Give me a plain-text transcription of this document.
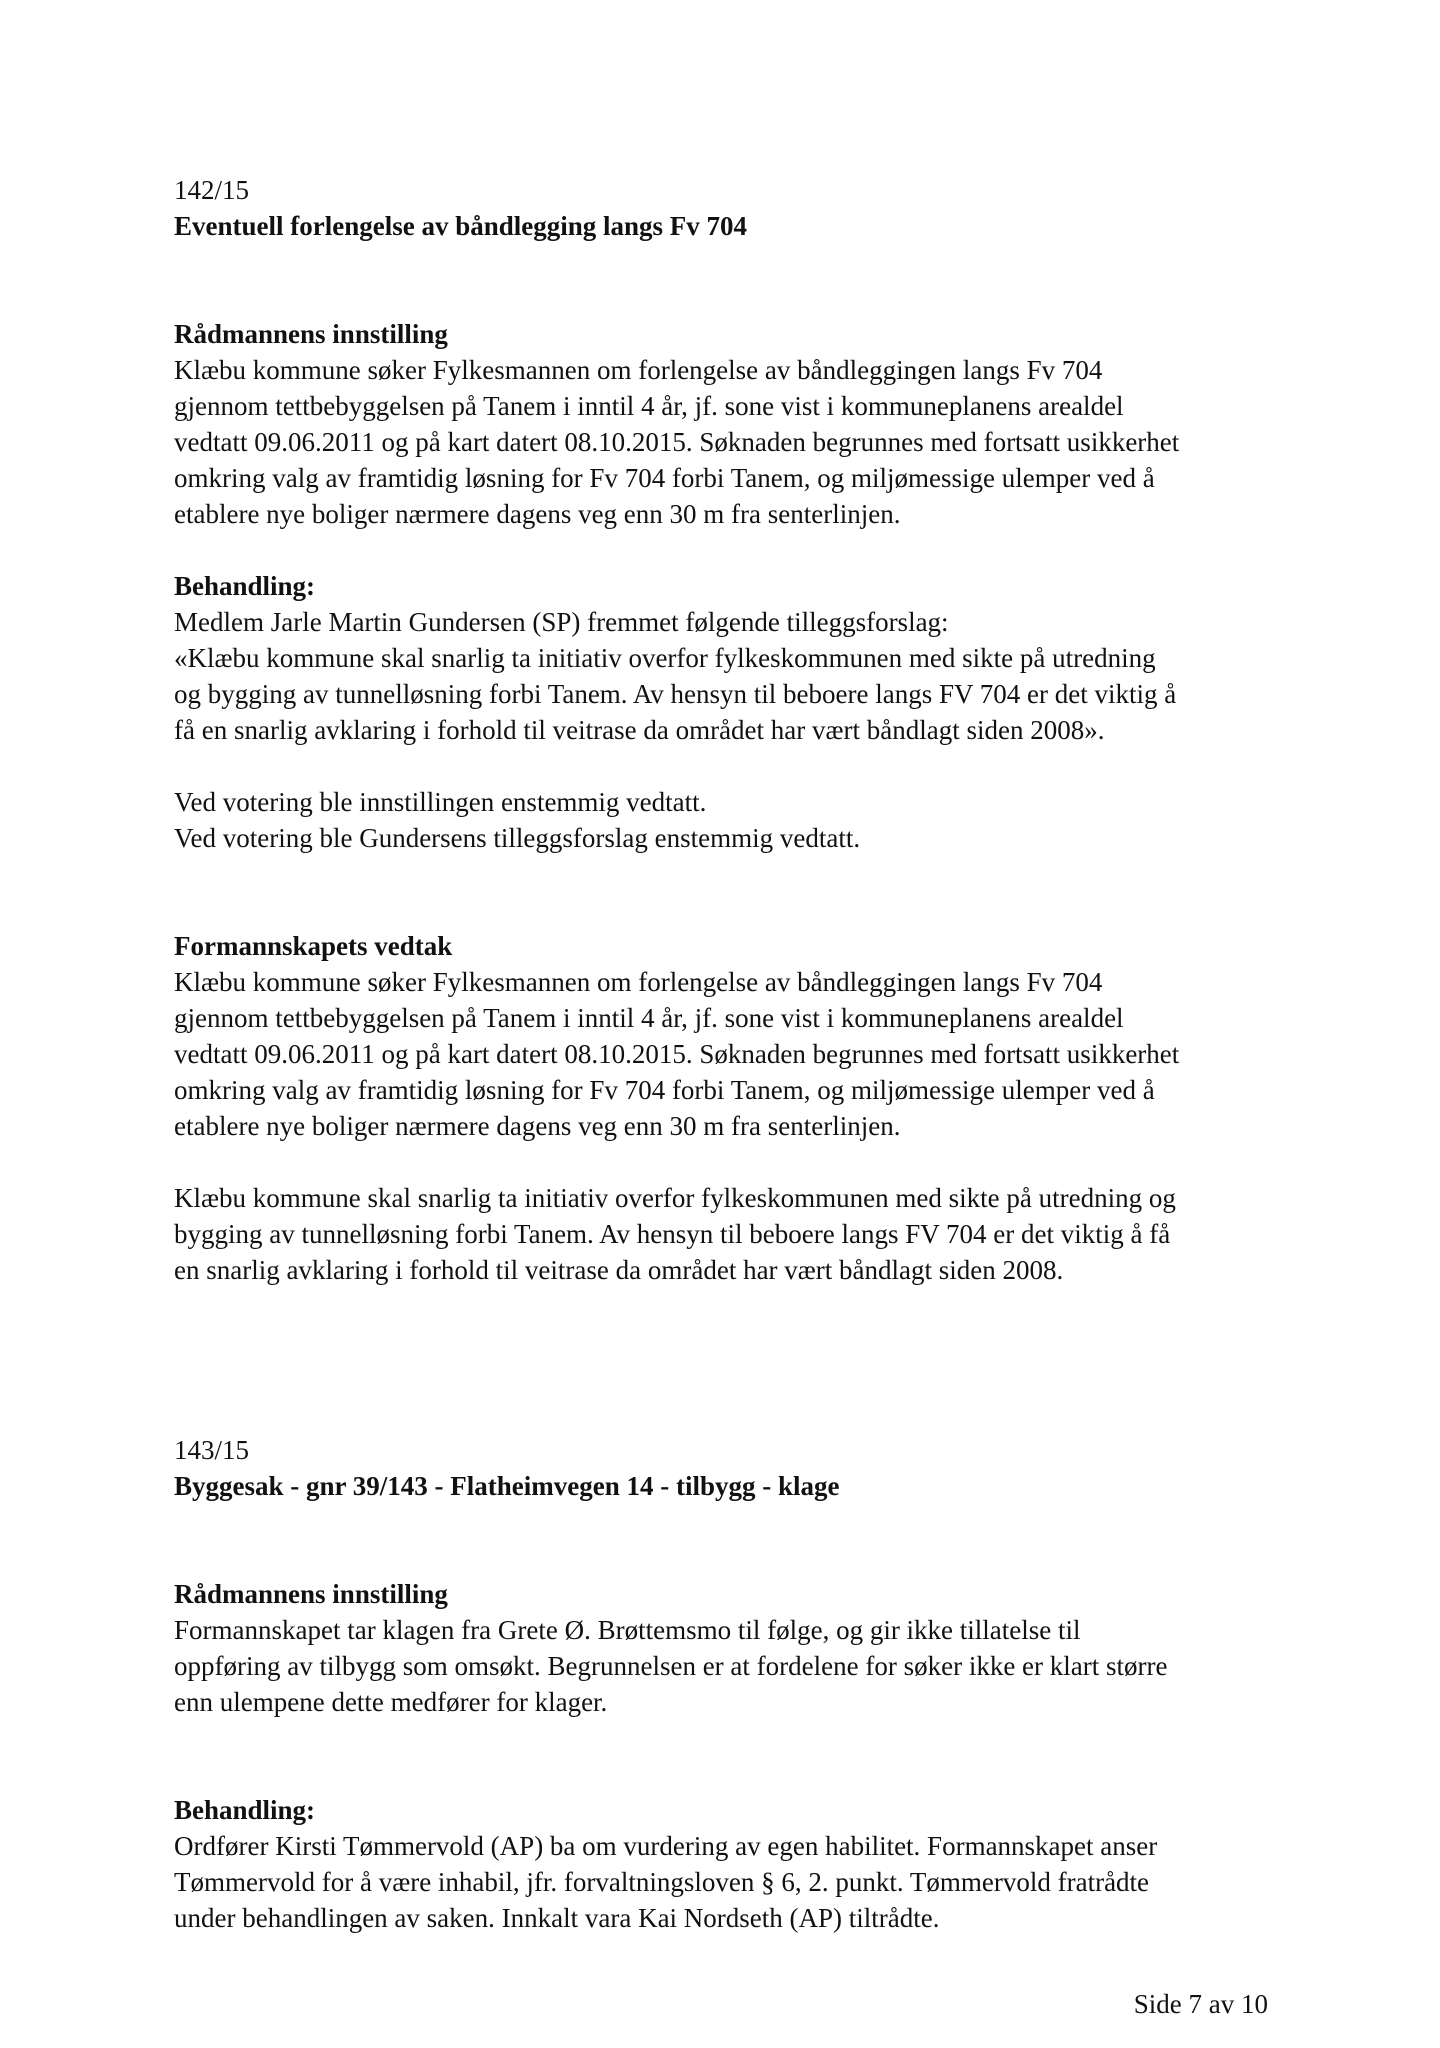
142/15

Eventuell forlengelse av båndlegging langs Fv 704

Rådmannens innstilling

Klæbu kommune søker Fylkesmannen om forlengelse av båndleggingen langs Fv 704
gjennom tettbebyggelsen på Tanem i inntil 4 år, jf. sone vist i kommuneplanens arealdel
vedtatt 09.06.2011 og på kart datert 08.10.2015. Søknaden begrunnes med fortsatt usikkerhet
omkring valg av framtidig løsning for Fv 704 forbi Tanem, og miljømessige ulemper ved å
etablere nye boliger nærmere dagens veg enn 30 m fra senterlinjen.

Behandling:

Medlem Jarle Martin Gundersen (SP) fremmet følgende tilleggsforslag:
«Klæbu kommune skal snarlig ta initiativ overfor fylkeskommunen med sikte på utredning
og bygging av tunnelløsning forbi Tanem. Av hensyn til beboere langs FV 704 er det viktig å
få en snarlig avklaring i forhold til veitrase da området har vært båndlagt siden 2008».

Ved votering ble innstillingen enstemmig vedtatt.
Ved votering ble Gundersens tilleggsforslag enstemmig vedtatt.

Formannskapets vedtak

Klæbu kommune søker Fylkesmannen om forlengelse av båndleggingen langs Fv 704
gjennom tettbebyggelsen på Tanem i inntil 4 år, jf. sone vist i kommuneplanens arealdel
vedtatt 09.06.2011 og på kart datert 08.10.2015. Søknaden begrunnes med fortsatt usikkerhet
omkring valg av framtidig løsning for Fv 704 forbi Tanem, og miljømessige ulemper ved å
etablere nye boliger nærmere dagens veg enn 30 m fra senterlinjen.

Klæbu kommune skal snarlig ta initiativ overfor fylkeskommunen med sikte på utredning og
bygging av tunnelløsning forbi Tanem. Av hensyn til beboere langs FV 704 er det viktig å få
en snarlig avklaring i forhold til veitrase da området har vært båndlagt siden 2008.

143/15

Byggesak - gnr 39/143 - Flatheimvegen 14 - tilbygg - klage

Rådmannens innstilling

Formannskapet tar klagen fra Grete Ø. Brøttemsmo til følge, og gir ikke tillatelse til
oppføring av tilbygg som omsøkt. Begrunnelsen er at fordelene for søker ikke er klart større
enn ulempene dette medfører for klager.

Behandling:

Ordfører Kirsti Tømmervold (AP) ba om vurdering av egen habilitet. Formannskapet anser
Tømmervold for å være inhabil, jfr. forvaltningsloven § 6, 2. punkt. Tømmervold fratrådte
under behandlingen av saken. Innkalt vara Kai Nordseth (AP) tiltrådte.

Side 7 av 10
